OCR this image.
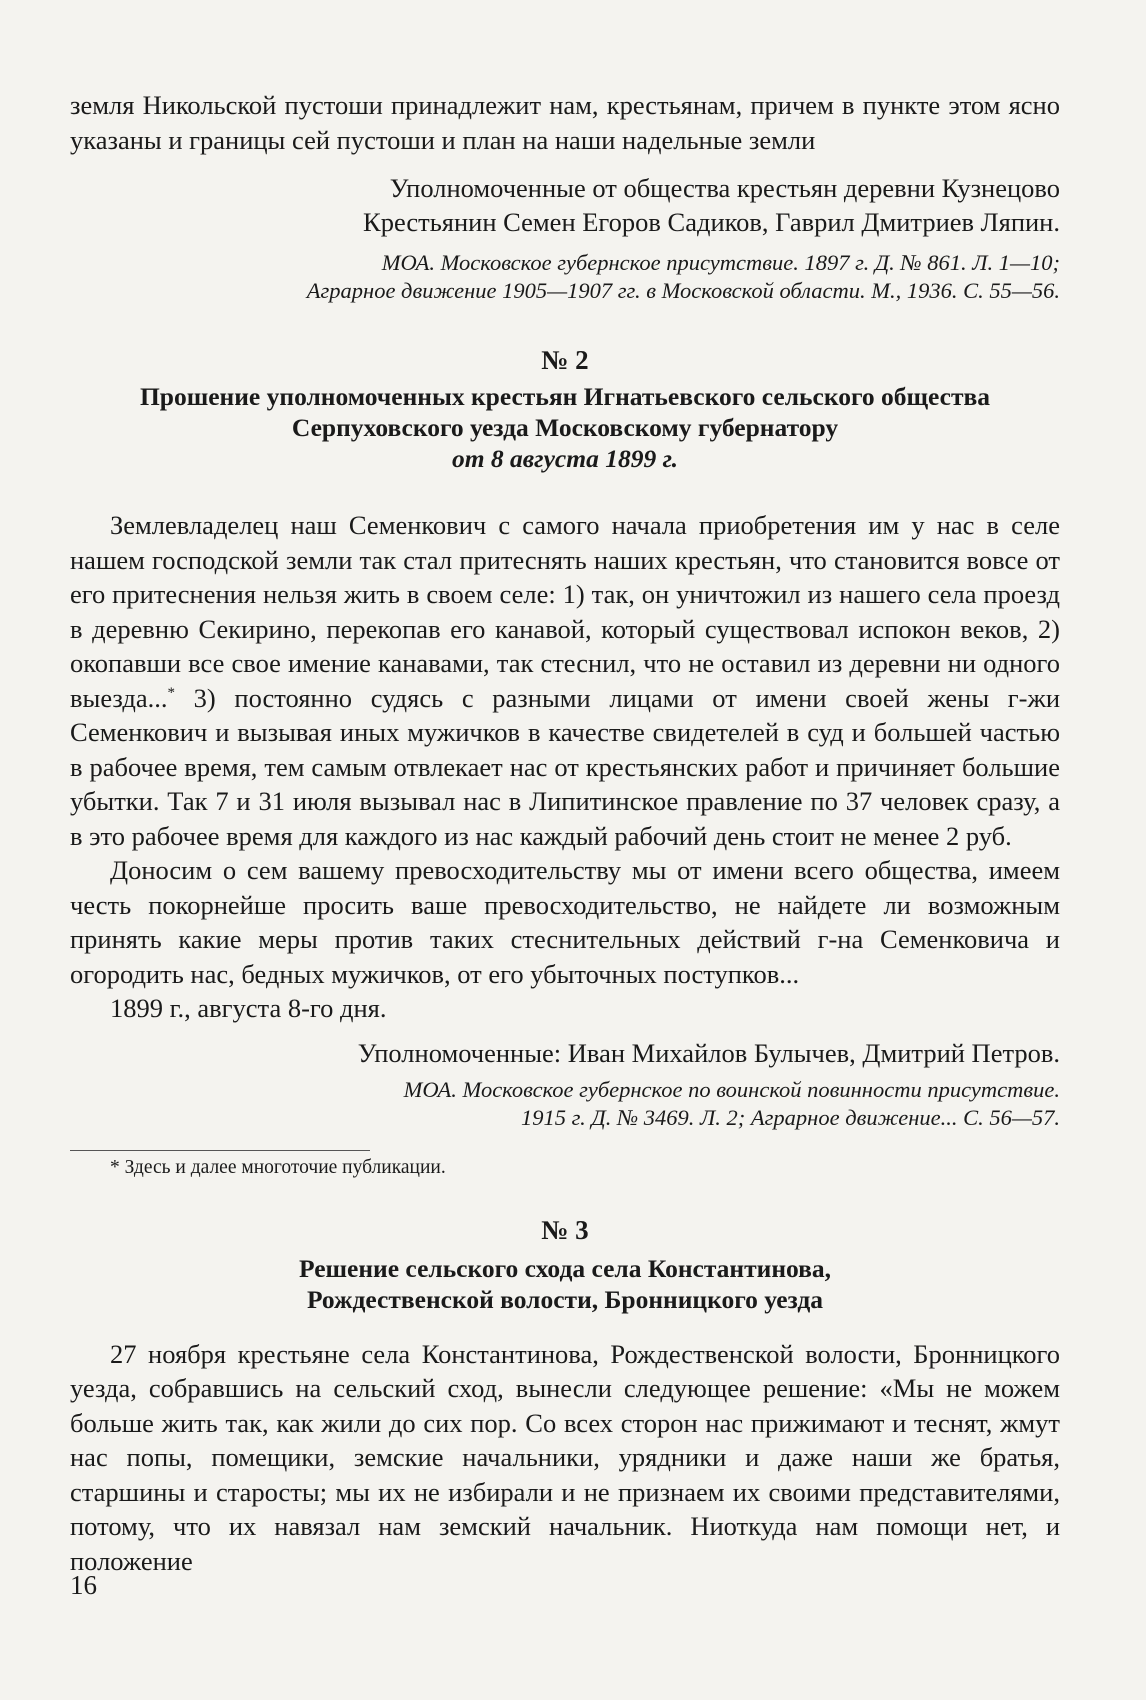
земля Никольской пустоши принадлежит нам, крестьянам, причем в пункте этом ясно указаны и границы сей пустоши и план на наши надельные земли

Уполномоченные от общества крестьян деревни Кузнецово

Крестьянин Семен Егоров Садиков, Гаврил Дмитриев Ляпин.

МОА. Московское губернское присутствие. 1897 г. Д. № 861. Л. 1—10;

Аграрное движение 1905—1907 гг. в Московской области. М., 1936. С. 55—56.

№ 2

Прошение уполномоченных крестьян Игнатьевского сельского общества

Серпуховского уезда Московскому губернатору

от 8 августа 1899 г.

Землевладелец наш Семенкович с самого начала приобретения им у нас в селе нашем господской земли так стал притеснять наших крестьян, что становится вовсе от его притеснения нельзя жить в своем селе: 1) так, он уничтожил из нашего села проезд в деревню Секирино, перекопав его канавой, который существовал испокон веков, 2) окопавши все свое имение канавами, так стеснил, что не оставил из деревни ни одного выезда...* 3) постоянно судясь с разными лицами от имени своей жены г-жи Семенкович и вызывая иных мужичков в качестве свидетелей в суд и большей частью в рабочее время, тем самым отвлекает нас от крестьянских работ и причиняет большие убытки. Так 7 и 31 июля вызывал нас в Липитинское правление по 37 человек сразу, а в это рабочее время для каждого из нас каждый рабочий день стоит не менее 2 руб.

Доносим о сем вашему превосходительству мы от имени всего общества, имеем честь покорнейше просить ваше превосходительство, не найдете ли возможным принять какие меры против таких стеснительных действий г-на Семенковича и огородить нас, бедных мужичков, от его убыточных поступков...

1899 г., августа 8-го дня.

Уполномоченные: Иван Михайлов Булычев, Дмитрий Петров.

МОА. Московское губернское по воинской повинности присутствие.

1915 г. Д. № 3469. Л. 2; Аграрное движение... С. 56—57.

* Здесь и далее многоточие публикации.

№ 3

Решение сельского схода села Константинова,

Рождественской волости, Бронницкого уезда

27 ноября крестьяне села Константинова, Рождественской волости, Бронницкого уезда, собравшись на сельский сход, вынесли следующее решение: «Мы не можем больше жить так, как жили до сих пор. Со всех сторон нас прижимают и теснят, жмут нас попы, помещики, земские начальники, урядники и даже наши же братья, старшины и старосты; мы их не избирали и не признаем их своими представителями, потому, что их навязал нам земский начальник. Ниоткуда нам помощи нет, и положение

16
